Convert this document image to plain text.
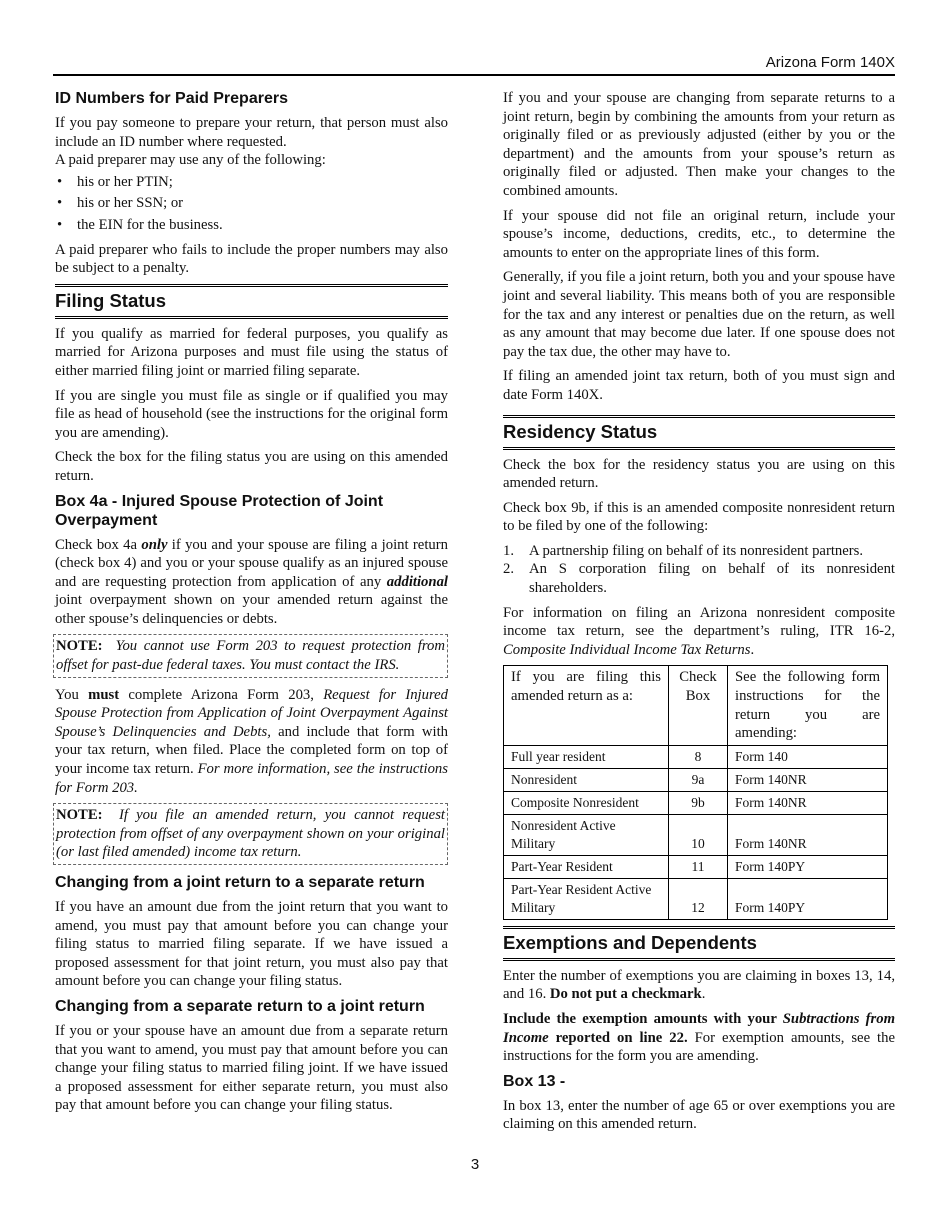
Arizona Form 140X
ID Numbers for Paid Preparers

If you pay someone to prepare your return, that person must also include an ID number where requested.

A paid preparer may use any of the following:

• his or her PTIN;
• his or her SSN; or
• the EIN for the business.

A paid preparer who fails to include the proper numbers may also be subject to a penalty.

Filing Status

If you qualify as married for federal purposes, you qualify as married for Arizona purposes and must file using the status of either married filing joint or married filing separate.

If you are single you must file as single or if qualified you may file as head of household (see the instructions for the original form you are amending).

Check the box for the filing status you are using on this amended return.

Box 4a - Injured Spouse Protection of Joint Overpayment

Check box 4a only if you and your spouse are filing a joint return (check box 4) and you or your spouse qualify as an injured spouse and are requesting protection from application of any additional joint overpayment shown on your amended return against the other spouse’s delinquencies or debts.

NOTE: You cannot use Form 203 to request protection from offset for past-due federal taxes. You must contact the IRS.

You must complete Arizona Form 203, Request for Injured Spouse Protection from Application of Joint Overpayment Against Spouse’s Delinquencies and Debts, and include that form with your tax return, when filed. Place the completed form on top of your income tax return. For more information, see the instructions for Form 203.

NOTE: If you file an amended return, you cannot request protection from offset of any overpayment shown on your original (or last filed amended) income tax return.
Changing from a joint return to a separate return

If you have an amount due from the joint return that you want to amend, you must pay that amount before you can change your filing status to married filing separate. If we have issued a proposed assessment for that joint return, you must also pay that amount before you can change your filing status.

Changing from a separate return to a joint return

If you or your spouse have an amount due from a separate return that you want to amend, you must pay that amount before you can change your filing status to married filing joint. If we have issued a proposed assessment for either separate return, you must also pay that amount before you can change your filing status.

If you and your spouse are changing from separate returns to a joint return, begin by combining the amounts from your return as originally filed or as previously adjusted (either by you or the department) and the amounts from your spouse’s return as originally filed or adjusted. Then make your changes to the combined amounts.

If your spouse did not file an original return, include your spouse’s income, deductions, credits, etc., to determine the amounts to enter on the appropriate lines of this form.

Generally, if you file a joint return, both you and your spouse have joint and several liability. This means both of you are responsible for the tax and any interest or penalties due on the return, as well as any amount that may become due later. If one spouse does not pay the tax due, the other may have to.

If filing an amended joint tax return, both of you must sign and date Form 140X.

Residency Status

Check the box for the residency status you are using on this amended return.

Check box 9b, if this is an amended composite nonresident return to be filed by one of the following:

1. A partnership filing on behalf of its nonresident partners.
2. An S corporation filing on behalf of its nonresident shareholders.

For information on filing an Arizona nonresident composite income tax return, see the department’s ruling, ITR 16-2, Composite Individual Income Tax Returns.

If you are filing this amended return as a:	Check Box	See the following form instructions for the return you are amending:
Full year resident	8	Form 140
Nonresident	9a	Form 140NR
Composite Nonresident	9b	Form 140NR
Nonresident Active Military	10	Form 140NR
Part-Year Resident	11	Form 140PY
Part-Year Resident Active Military	12	Form 140PY
Exemptions and Dependents

Enter the number of exemptions you are claiming in boxes 13, 14, and 16. Do not put a checkmark.

Include the exemption amounts with your Subtractions from Income reported on line 22. For exemption amounts, see the instructions for the form you are amending.

Box 13 -

In box 13, enter the number of age 65 or over exemptions you are claiming on this amended return.

3
